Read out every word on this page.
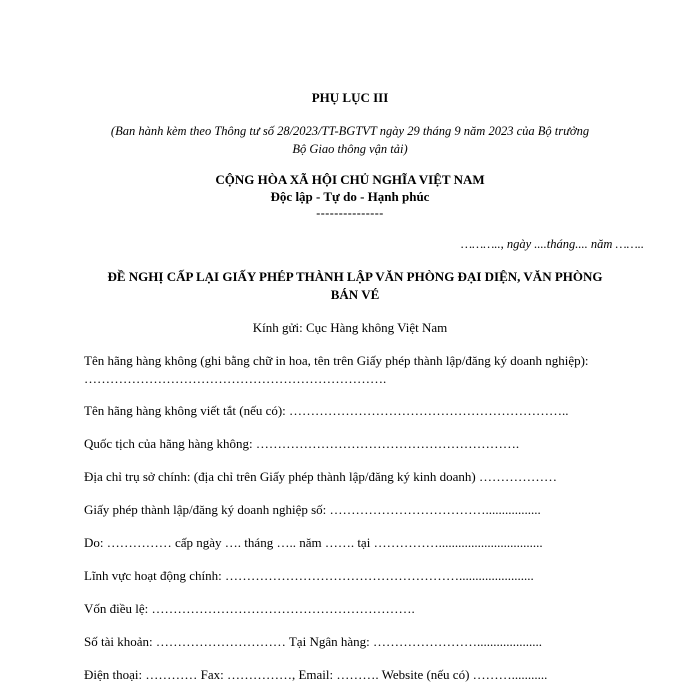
PHỤ LỤC III
(Ban hành kèm theo Thông tư số 28/2023/TT-BGTVT ngày 29 tháng 9 năm 2023 của Bộ trưởng
Bộ Giao thông vận tải)
CỘNG HÒA XÃ HỘI CHỦ NGHĨA VIỆT NAM
Độc lập - Tự do - Hạnh phúc
---------------
……….., ngày ....tháng.... năm ……..
ĐỀ NGHỊ CẤP LẠI GIẤY PHÉP THÀNH LẬP VĂN PHÒNG ĐẠI DIỆN, VĂN PHÒNG
BÁN VÉ
Kính gửi: Cục Hàng không Việt Nam
Tên hãng hàng không (ghi bằng chữ in hoa, tên trên Giấy phép thành lập/đăng ký doanh nghiệp):
…………………………………………………………….
Tên hãng hàng không viết tắt (nếu có): ………………………………………………………..
Quốc tịch của hãng hàng không: …………………………………………………….
Địa chỉ trụ sở chính: (địa chỉ trên Giấy phép thành lập/đăng ký kinh doanh) ………………
Giấy phép thành lập/đăng ký doanh nghiệp số: ……………………………….................
Do: …………… cấp ngày …. tháng ….. năm ……. tại ……………................................
Lĩnh vực hoạt động chính: ……………………………………………….......................
Vốn điều lệ: …………………………………………………….
Số tài khoản: ………………………… Tại Ngân hàng: ……………………....................
Điện thoại: ………… Fax: ……………, Email: ………. Website (nếu có) ………...........
